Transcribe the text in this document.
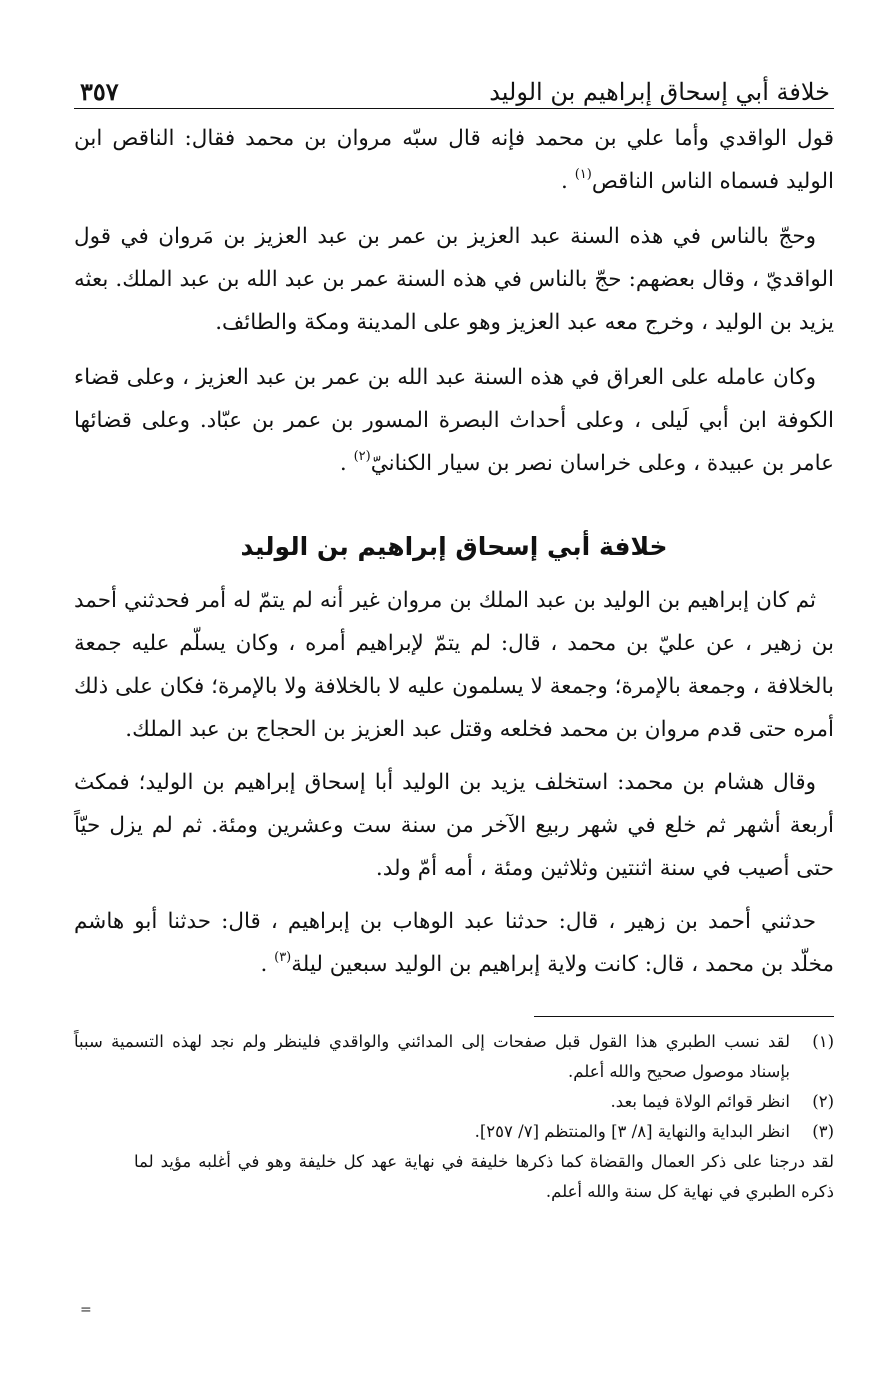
خلافة أبي إسحاق إبراهيم بن الوليد
٣٥٧

قول الواقدي وأما علي بن محمد فإنه قال سبّه مروان بن محمد فقال: الناقص ابن الوليد فسماه الناس الناقص$^{(١)}$ .

وحجّ بالناس في هذه السنة عبد العزيز بن عمر بن عبد العزيز بن مَروان في قول الواقديّ ، وقال بعضهم: حجّ بالناس في هذه السنة عمر بن عبد الله بن عبد الملك. بعثه يزيد بن الوليد ، وخرج معه عبد العزيز وهو على المدينة ومكة والطائف.

وكان عامله على العراق في هذه السنة عبد الله بن عمر بن عبد العزيز ، وعلى قضاء الكوفة ابن أبي لَيلى ، وعلى أحداث البصرة المسور بن عمر بن عبّاد. وعلى قضائها عامر بن عبيدة ، وعلى خراسان نصر بن سيار الكنانيّ$^{(٢)}$ .

خلافة أبي إسحاق إبراهيم بن الوليد

ثم كان إبراهيم بن الوليد بن عبد الملك بن مروان غير أنه لم يتمّ له أمر فحدثني أحمد بن زهير ، عن عليّ بن محمد ، قال: لم يتمّ لإبراهيم أمره ، وكان يسلّم عليه جمعة بالخلافة ، وجمعة بالإمرة؛ وجمعة لا يسلمون عليه لا بالخلافة ولا بالإمرة؛ فكان على ذلك أمره حتى قدم مروان بن محمد فخلعه وقتل عبد العزيز بن الحجاج بن عبد الملك.

وقال هشام بن محمد: استخلف يزيد بن الوليد أبا إسحاق إبراهيم بن الوليد؛ فمكث أربعة أشهر ثم خلع في شهر ربيع الآخر من سنة ست وعشرين ومئة. ثم لم يزل حيّاً حتى أصيب في سنة اثنتين وثلاثين ومئة ، أمه أمّ ولد.

حدثني أحمد بن زهير ، قال: حدثنا عبد الوهاب بن إبراهيم ، قال: حدثنا أبو هاشم مخلّد بن محمد ، قال: كانت ولاية إبراهيم بن الوليد سبعين ليلة$^{(٣)}$ .

(١)
لقد نسب الطبري هذا القول قبل صفحات إلى المدائني والواقدي فلينظر ولم نجد لهذه التسمية سبباً بإسناد موصول صحيح والله أعلم.
(٢)
انظر قوائم الولاة فيما بعد.
(٣)
انظر البداية والنهاية [٨/ ٣] والمنتظم [٧/ ٢٥٧].
لقد درجنا على ذكر العمال والقضاة كما ذكرها خليفة في نهاية عهد كل خليفة وهو في أغلبه مؤيد لما ذكره الطبري في نهاية كل سنة والله أعلم.
=
